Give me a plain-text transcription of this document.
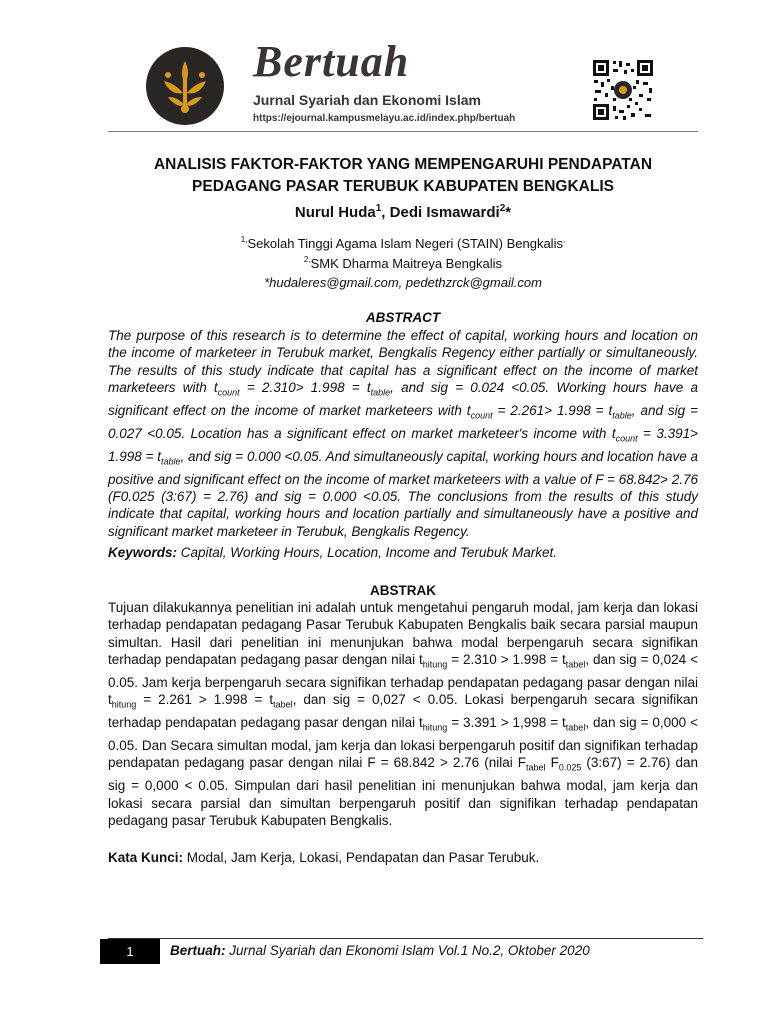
Bertuah
Jurnal Syariah dan Ekonomi Islam
https://ejournal.kampusmelayu.ac.id/index.php/bertuah
ANALISIS FAKTOR-FAKTOR YANG MEMPENGARUHI PENDAPATAN
PEDAGANG PASAR TERUBUK KABUPATEN BENGKALIS
Nurul Huda$^1$, Dedi Ismawardi$^2$*
$^{1,}$Sekolah Tinggi Agama Islam Negeri (STAIN) Bengkalis,
$^{2,}$SMK Dharma Maitreya Bengkalis
*hudaleres@gmail.com, pedethzrck@gmail.com
ABSTRACT

The purpose of this research is to determine the effect of capital, working hours and location on the income of marketeer in Terubuk market, Bengkalis Regency either partially or simultaneously. The results of this study indicate that capital has a significant effect on the income of market marketeers with $t_{count} = 2.310> 1.998 = t_{table}$, and sig = 0.024 <0.05. Working hours have a significant effect on the income of market marketeers with $t_{count} = 2.261> 1.998 = t_{table}$, and sig = 0.027 <0.05. Location has a significant effect on market marketeer's income with $t_{count} = 3.391> 1.998 = t_{table}$, and sig = 0.000 <0.05. And simultaneously capital, working hours and location have a positive and significant effect on the income of market marketeers with a value of F = 68.842> 2.76 (F0.025 (3:67) = 2.76) and sig = 0.000 <0.05. The conclusions from the results of this study indicate that capital, working hours and location partially and simultaneously have a positive and significant market marketeer in Terubuk, Bengkalis Regency.

Keywords: Capital, Working Hours, Location, Income and Terubuk Market.
ABSTRAK

Tujuan dilakukannya penelitian ini adalah untuk mengetahui pengaruh modal, jam kerja dan lokasi terhadap pendapatan pedagang Pasar Terubuk Kabupaten Bengkalis baik secara parsial maupun simultan. Hasil dari penelitian ini menunjukan bahwa modal berpengaruh secara signifikan terhadap pendapatan pedagang pasar dengan nilai $t_{hitung} = 2.310 > 1.998 = t_{tabel}$, dan sig = 0,024 < 0.05. Jam kerja berpengaruh secara signifikan terhadap pendapatan pedagang pasar dengan nilai $t_{hitung} = 2.261 > 1.998 = t_{tabel}$, dan sig = 0,027 < 0.05. Lokasi berpengaruh secara signifikan terhadap pendapatan pedagang pasar dengan nilai $t_{hitung} = 3.391 > 1,998 = t_{tabel}$, dan sig = 0,000 < 0.05. Dan Secara simultan modal, jam kerja dan lokasi berpengaruh positif dan signifikan terhadap pendapatan pedagang pasar dengan nilai F = 68.842 > 2.76 (nilai $F_{tabel}$ $F_{0.025}$ (3:67) = 2.76) dan sig = 0,000 < 0.05. Simpulan dari hasil penelitian ini menunjukan bahwa modal, jam kerja dan lokasi secara parsial dan simultan berpengaruh positif dan signifikan terhadap pendapatan pedagang pasar Terubuk Kabupaten Bengkalis.

Kata Kunci: Modal, Jam Kerja, Lokasi, Pendapatan dan Pasar Terubuk.
1	Bertuah: Jurnal Syariah dan Ekonomi Islam Vol.1 No.2, Oktober 2020
